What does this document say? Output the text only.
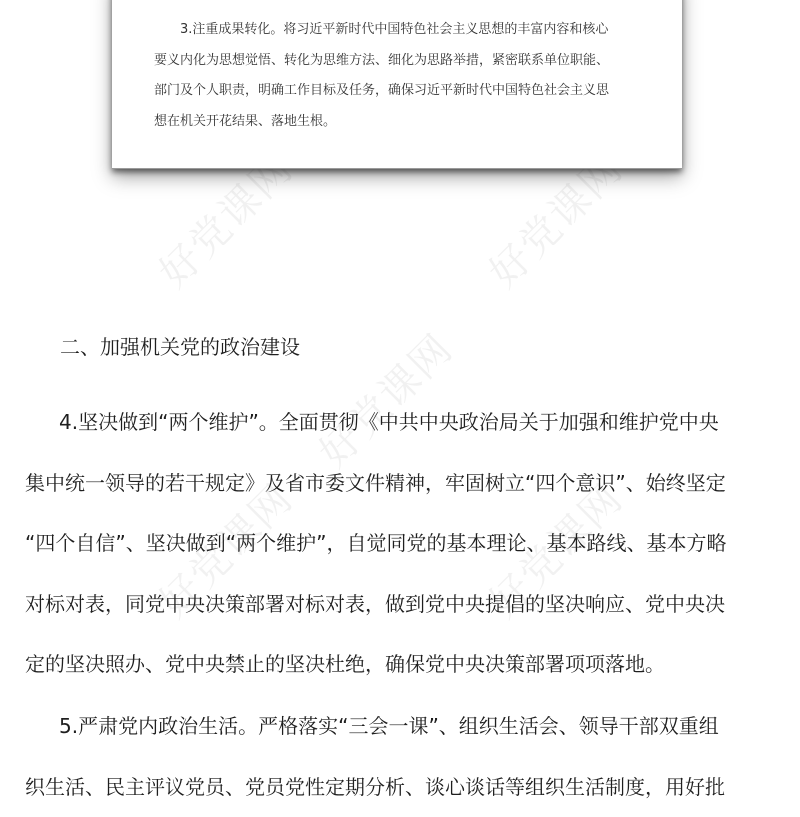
好党课网	好党课网
好党课网
好党课网	好党课网
　　3.注重成果转化。将习近平新时代中国特色社会主义思想的丰富内容和核心
要义内化为思想觉悟、转化为思维方法、细化为思路举措，紧密联系单位职能、
部门及个人职责，明确工作目标及任务，确保习近平新时代中国特色社会主义思
想在机关开花结果、落地生根。
二、加强机关党的政治建设
4.坚决做到“两个维护”。全面贯彻《中共中央政治局关于加强和维护党中央
集中统一领导的若干规定》及省市委文件精神，牢固树立“四个意识”、始终坚定
“四个自信”、坚决做到“两个维护”，自觉同党的基本理论、基本路线、基本方略
对标对表，同党中央决策部署对标对表，做到党中央提倡的坚决响应、党中央决
定的坚决照办、党中央禁止的坚决杜绝，确保党中央决策部署项项落地。
5.严肃党内政治生活。严格落实“三会一课”、组织生活会、领导干部双重组
织生活、民主评议党员、党员党性定期分析、谈心谈话等组织生活制度，用好批
